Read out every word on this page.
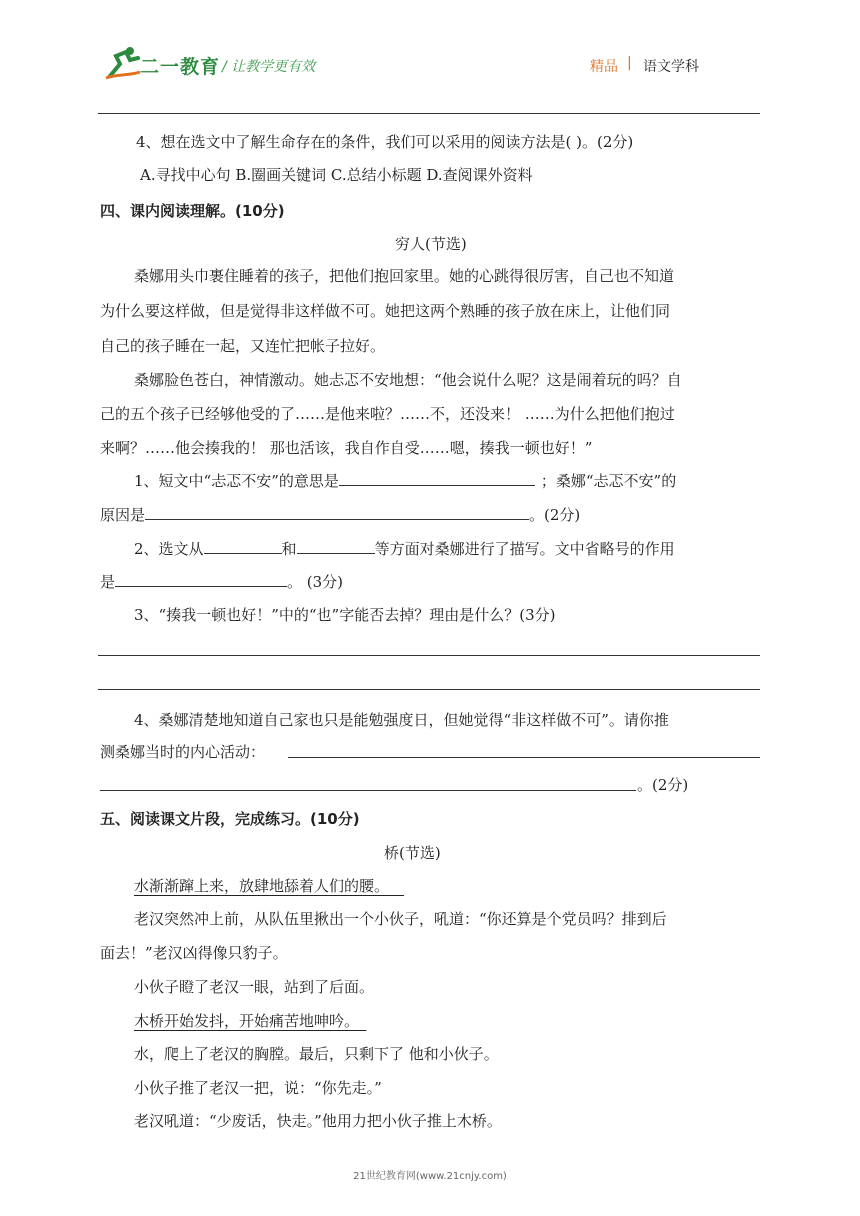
二一教育 / 让教学更有效	精品 | 语文学科
4、想在选文中了解生命存在的条件，我们可以采用的阅读方法是( )。(2分)
A.寻找中心句 B.圈画关键词 C.总结小标题 D.查阅课外资料
四、课内阅读理解。(10分)
穷人(节选)
桑娜用头巾裹住睡着的孩子，把他们抱回家里。她的心跳得很厉害，自己也不知道
为什么要这样做，但是觉得非这样做不可。她把这两个熟睡的孩子放在床上，让他们同
自己的孩子睡在一起，又连忙把帐子拉好。
桑娜脸色苍白，神情激动。她忐忑不安地想：“他会说什么呢？这是闹着玩的吗？自
己的五个孩子已经够他受的了……是他来啦？……不，还没来！ ……为什么把他们抱过
来啊？……他会揍我的！ 那也活该，我自作自受……嗯，揍我一顿也好！”
1、短文中“忐忑不安”的意思是	；桑娜“忐忑不安”的
原因是	。(2分)
2、选文从	和	等方面对桑娜进行了描写。文中省略号的作用
是	。 (3分)
3、“揍我一顿也好！”中的“也”字能否去掉？理由是什么？(3分)
4、桑娜清楚地知道自己家也只是能勉强度日，但她觉得“非这样做不可”。请你推
测桑娜当时的内心活动：
。(2分)
五、阅读课文片段，完成练习。(10分)
桥(节选)
水渐渐蹿上来，放肆地舔着人们的腰。 
老汉突然冲上前，从队伍里揪出一个小伙子，吼道：“你还算是个党员吗？排到后
面去！”老汉凶得像只豹子。
小伙子瞪了老汉一眼，站到了后面。
木桥开始发抖，开始痛苦地呻吟。 
水，爬上了老汉的胸膛。最后，只剩下了 他和小伙子。
小伙子推了老汉一把，说：“你先走。”
老汉吼道：“少废话，快走。”他用力把小伙子推上木桥。
21世纪教育网(www.21cnjy.com)
